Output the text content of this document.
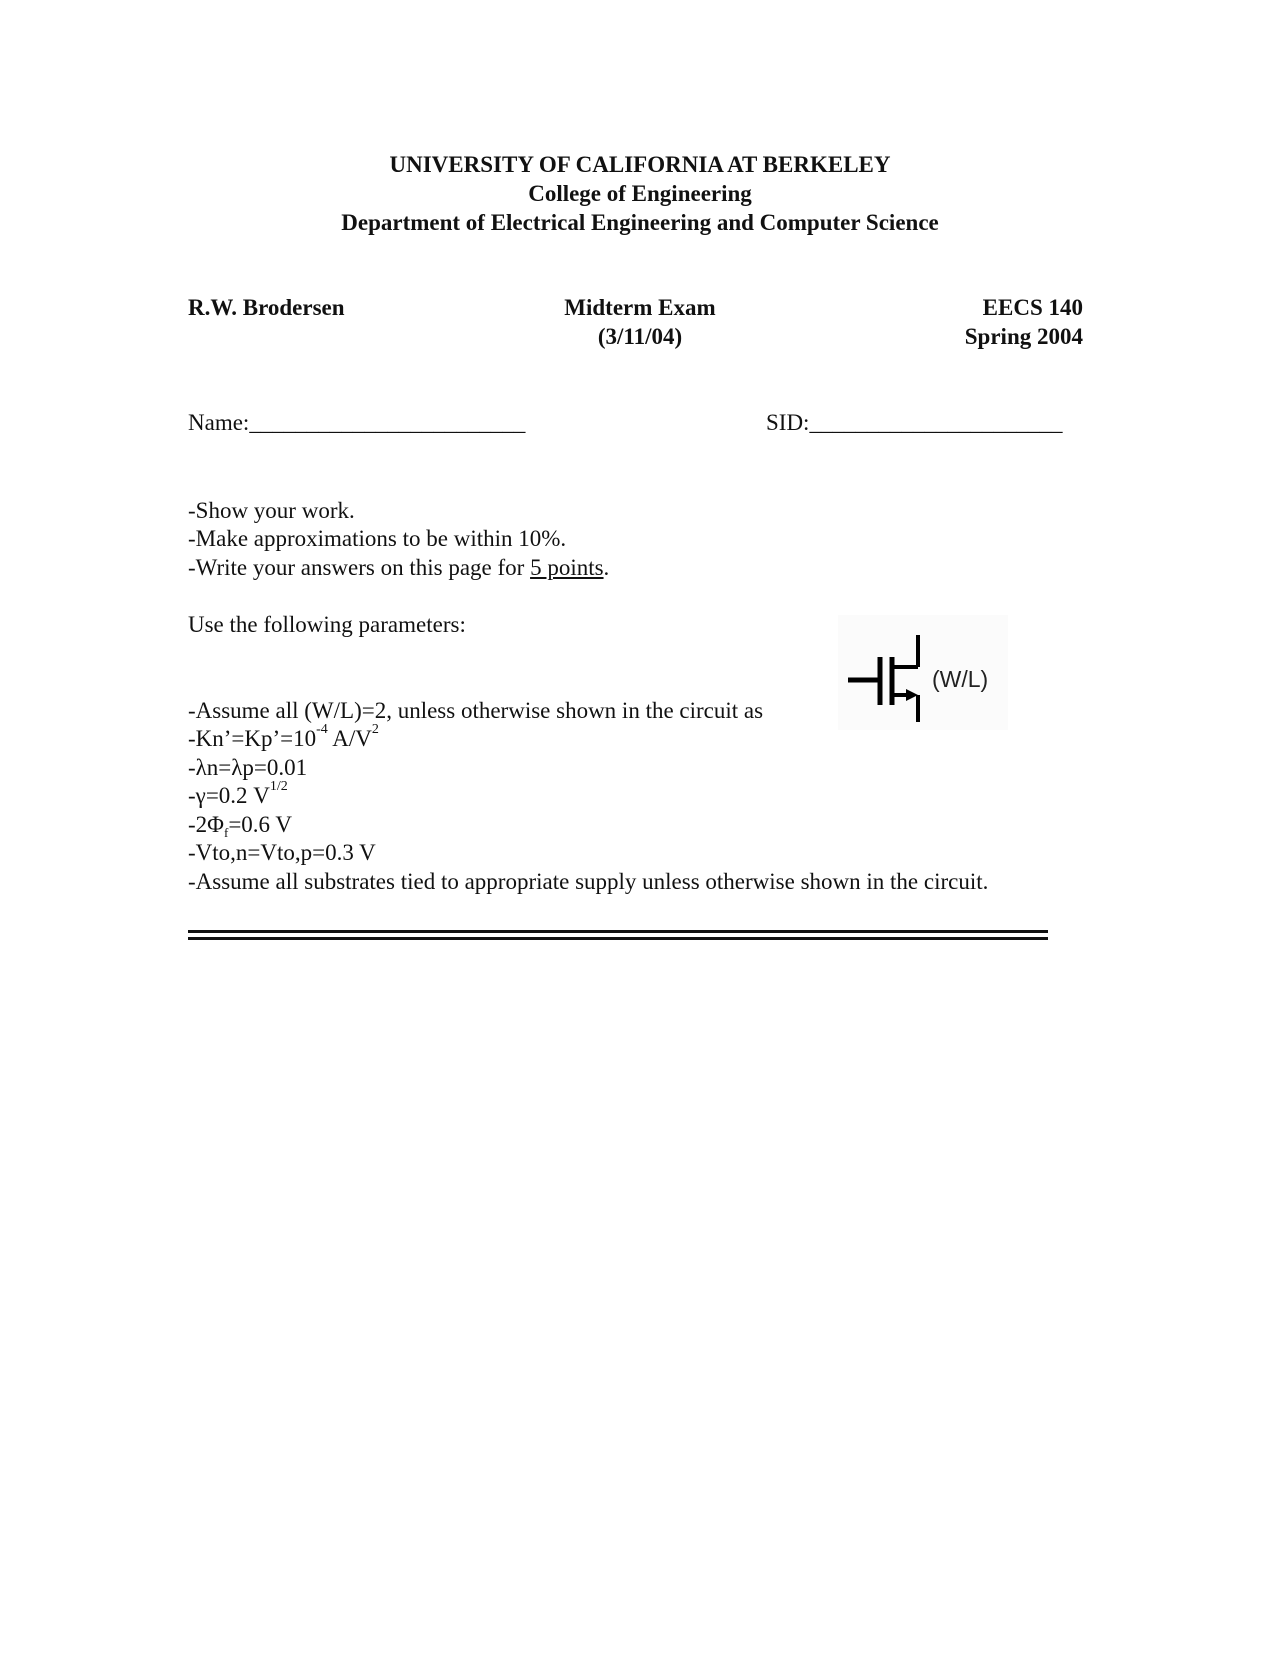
UNIVERSITY OF CALIFORNIA AT BERKELEY
College of Engineering
Department of Electrical Engineering and Computer Science
R.W. Brodersen	Midterm Exam
(3/11/04)
EECS 140
Spring 2004
Name:________________________	SID:______________________
-Show your work.
-Make approximations to be within 10%.
-Write your answers on this page for 5 points.
Use the following parameters:
(W/L)
-Assume all (W/L)=2, unless otherwise shown in the circuit as
$-Kn’=Kp’=10^{-4}$ $A/V^2$
-λn=λp=0.01
-γ=0.2 $V^{1/2}$
$-2\Phi_f=0.6$ V
-Vto,n=Vto,p=0.3 V
-Assume all substrates tied to appropriate supply unless otherwise shown in the circuit.
